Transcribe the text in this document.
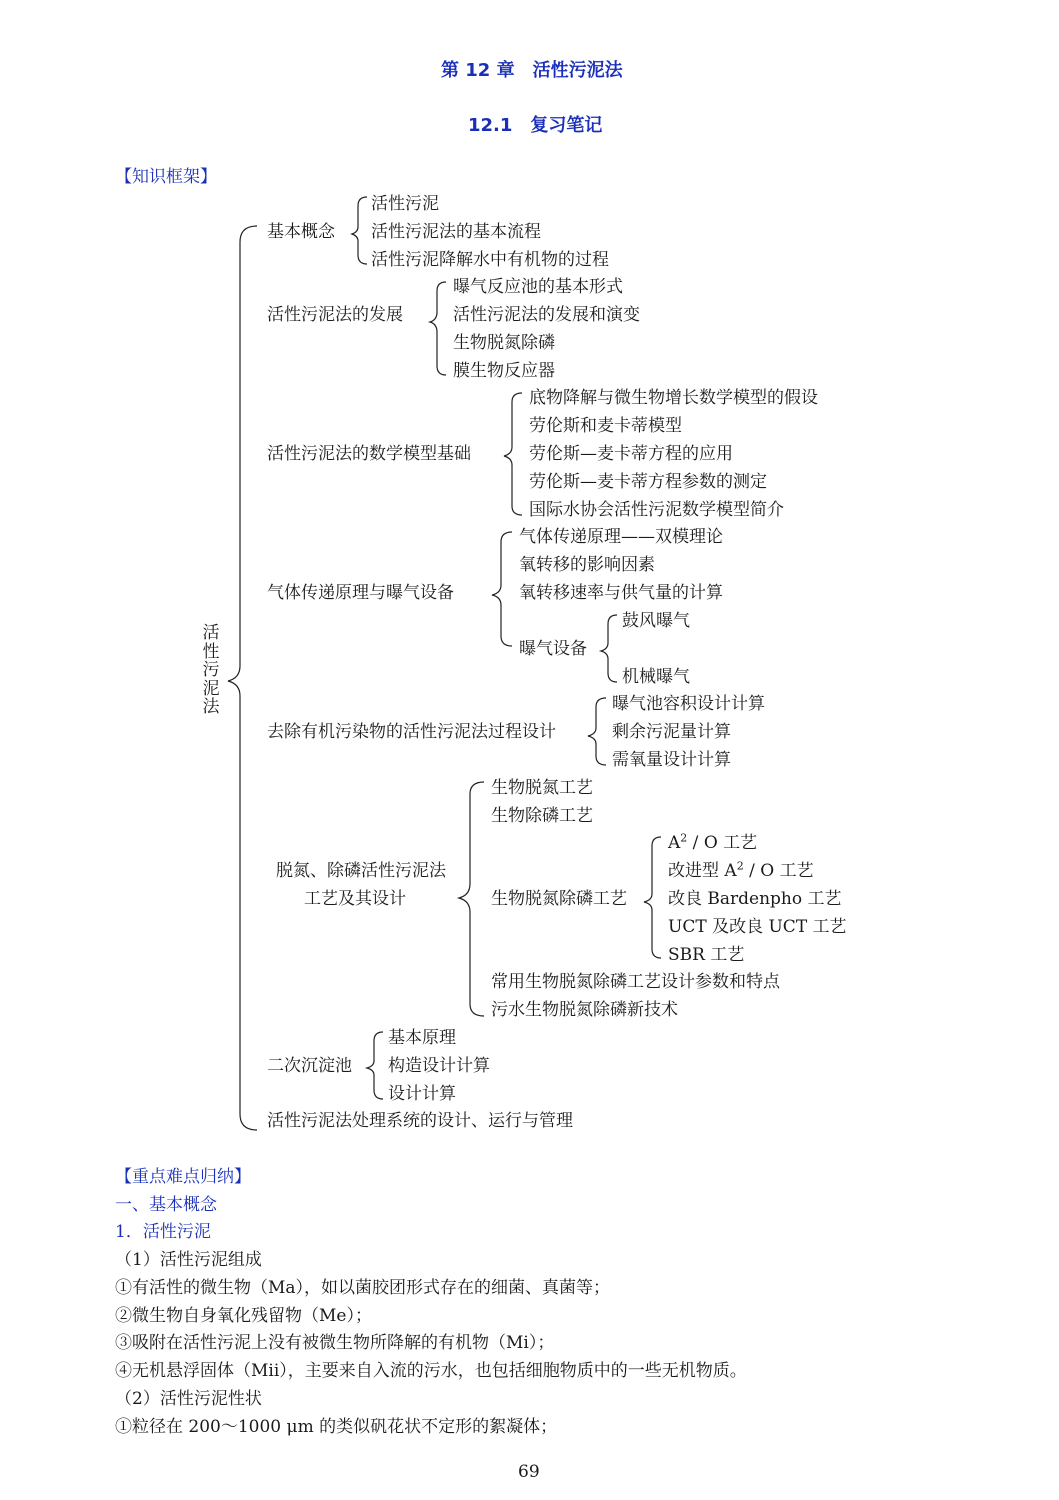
第 12 章　活性污泥法
12.1　复习笔记
【知识框架】
活
性
污
泥
法
基本概念
活性污泥
活性污泥法的基本流程
活性污泥降解水中有机物的过程
活性污泥法的发展
曝气反应池的基本形式
活性污泥法的发展和演变
生物脱氮除磷
膜生物反应器
活性污泥法的数学模型基础
底物降解与微生物增长数学模型的假设
劳伦斯和麦卡蒂模型
劳伦斯—麦卡蒂方程的应用
劳伦斯—麦卡蒂方程参数的测定
国际水协会活性污泥数学模型简介
气体传递原理与曝气设备
气体传递原理——双模理论
氧转移的影响因素
氧转移速率与供气量的计算
曝气设备
鼓风曝气
机械曝气
去除有机污染物的活性污泥法过程设计
曝气池容积设计计算
剩余污泥量计算
需氧量设计计算
脱氮、除磷活性污泥法
工艺及其设计
生物脱氮工艺
生物除磷工艺
生物脱氮除磷工艺
$A^2$ / O 工艺
改进型 $A^2$ / O 工艺
改良 Bardenpho 工艺
UCT 及改良 UCT 工艺
SBR 工艺
常用生物脱氮除磷工艺设计参数和特点
污水生物脱氮除磷新技术
二次沉淀池
基本原理
构造设计计算
设计计算
活性污泥法处理系统的设计、运行与管理
【重点难点归纳】
一、基本概念
1．活性污泥
（1）活性污泥组成
①有活性的微生物（Ma），如以菌胶团形式存在的细菌、真菌等；
②微生物自身氧化残留物（Me）；
③吸附在活性污泥上没有被微生物所降解的有机物（Mi）；
④无机悬浮固体（Mii），主要来自入流的污水，也包括细胞物质中的一些无机物质。
（2）活性污泥性状
①粒径在 200～1000 μm 的类似矾花状不定形的絮凝体；
69
